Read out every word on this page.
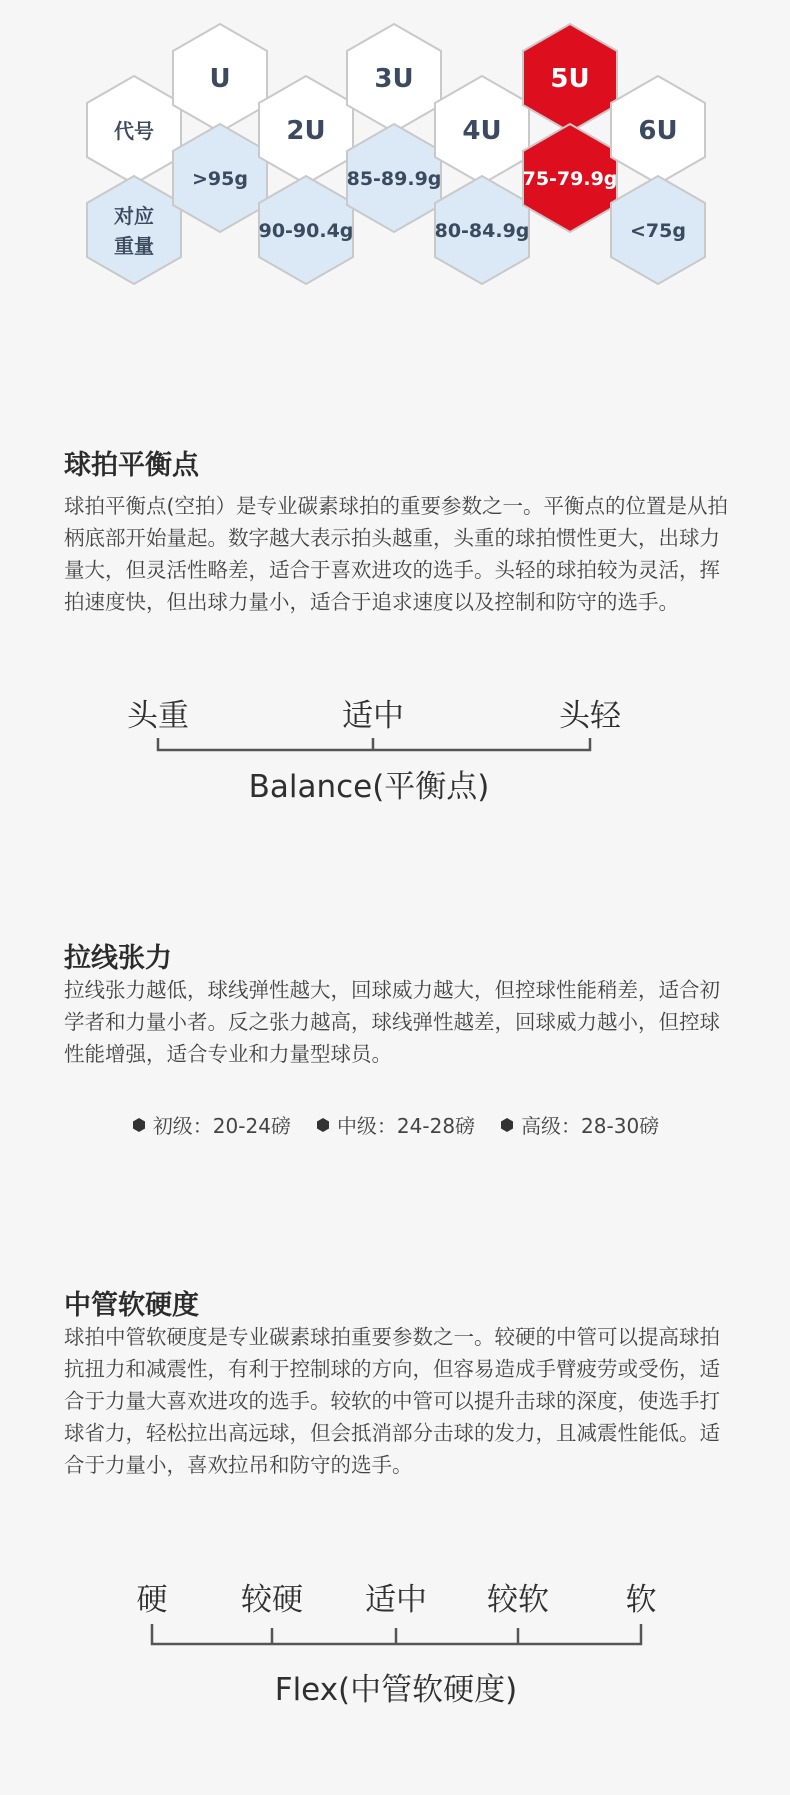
代号
对应
重量
U
>95g
2U
90-90.4g
3U
85-89.9g
4U
80-84.9g
5U
75-79.9g
6U
<75g
球拍平衡点

球拍平衡点(空拍）是专业碳素球拍的重要参数之一。平衡点的位置是从拍柄底部开始量起。数字越大表示拍头越重，头重的球拍惯性更大，出球力量大，但灵活性略差，适合于喜欢进攻的选手。头轻的球拍较为灵活，挥拍速度快，但出球力量小，适合于追求速度以及控制和防守的选手。

头重	适中	头轻
Balance(平衡点)
拉线张力

拉线张力越低，球线弹性越大，回球威力越大，但控球性能稍差，适合初学者和力量小者。反之张力越高，球线弹性越差，回球威力越小，但控球性能增强，适合专业和力量型球员。

初级：20-24磅 中级：24-28磅 高级：28-30磅
中管软硬度

球拍中管软硬度是专业碳素球拍重要参数之一。较硬的中管可以提高球拍抗扭力和减震性，有利于控制球的方向，但容易造成手臂疲劳或受伤，适合于力量大喜欢进攻的选手。较软的中管可以提升击球的深度，使选手打球省力，轻松拉出高远球，但会抵消部分击球的发力，且减震性能低。适合于力量小，喜欢拉吊和防守的选手。

硬 较硬 适中 较软 软
Flex(中管软硬度)
